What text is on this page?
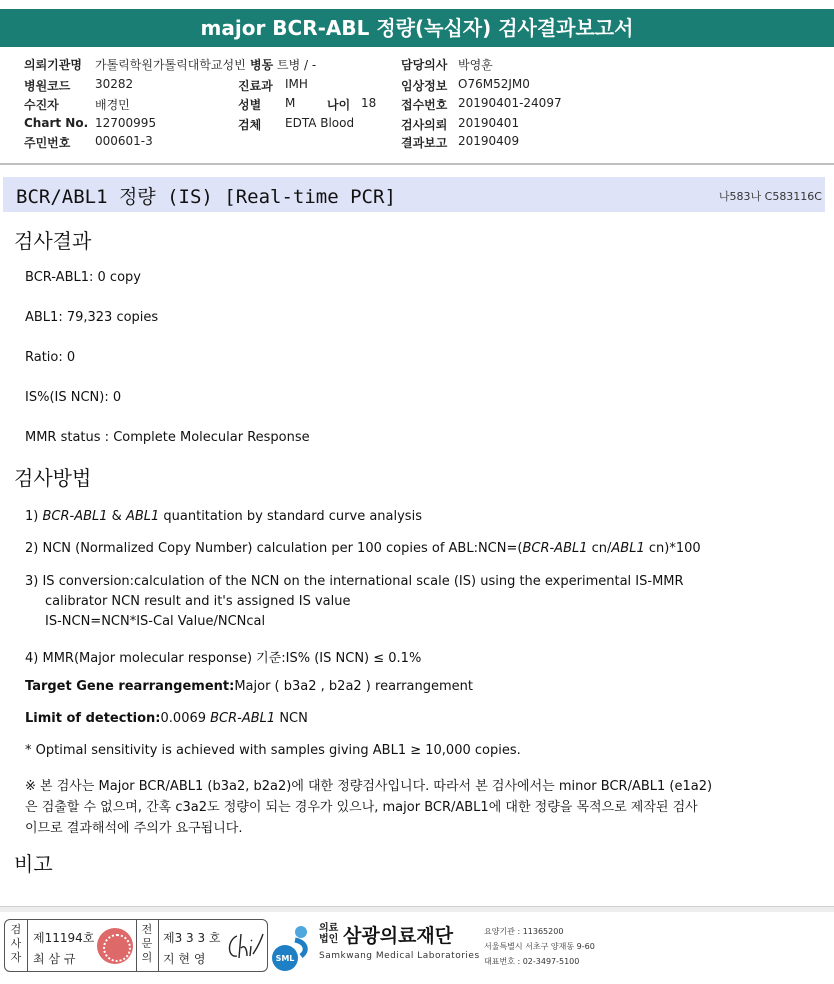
major BCR-ABL 정량(녹십자) 검사결과보고서
의뢰기관명 가톨릭학원가톨릭대학교성빈
병원코드 30282
수진자	배경민
Chart No. 12700995
주민번호 000601-3
병동 트병 / -
진료과 IMH
성별 M	나이 18
검체 EDTA Blood
담당의사 박영훈
임상정보 O76M52JM0
접수번호 20190401-24097
검사의뢰 20190401
결과보고 20190409
BCR/ABL1 정량 (IS) [Real-time PCR]	나583나 C583116C
검사결과
BCR-ABL1: 0 copy
ABL1: 79,323 copies
Ratio: 0
IS%(IS NCN): 0
MMR status : Complete Molecular Response
검사방법
1) BCR-ABL1 & ABL1 quantitation by standard curve analysis
2) NCN (Normalized Copy Number) calculation per 100 copies of ABL:NCN=(BCR-ABL1 cn/ABL1 cn)*100
3) IS conversion:calculation of the NCN on the international scale (IS) using the experimental IS-MMR
calibrator NCN result and it's assigned IS value
IS-NCN=NCN*IS-Cal Value/NCNcal
4) MMR(Major molecular response) 기준:IS% (IS NCN) ≤ 0.1%
Target Gene rearrangement:Major ( b3a2 , b2a2 ) rearrangement
Limit of detection:0.0069 BCR-ABL1 NCN
* Optimal sensitivity is achieved with samples giving ABL1 ≥ 10,000 copies.
※ 본 검사는 Major BCR/ABL1 (b3a2, b2a2)에 대한 정량검사입니다. 따라서 본 검사에서는 minor BCR/ABL1 (e1a2)
은 검출할 수 없으며, 간혹 c3a2도 정량이 되는 경우가 있으나, major BCR/ABL1에 대한 정량을 목적으로 제작된 검사
이므로 결과해석에 주의가 요구됩니다.
비고
검사자
제11194호
최 삼 규
전문의
제3 3 3 호
지 현 영	SML
의료
법인 삼광의료재단
Samkwang Medical Laboratories
요양기관 : 11365200
서울특별시 서초구 양재동 9-60
대표번호 : 02-3497-5100
